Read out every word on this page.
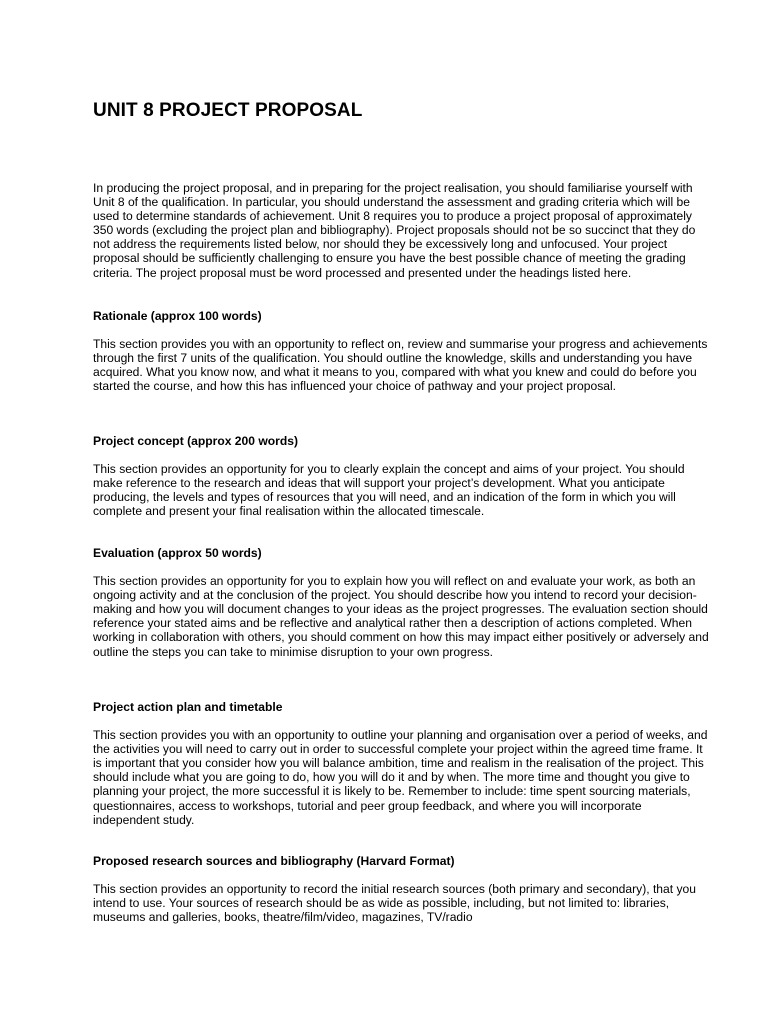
UNIT 8 PROJECT PROPOSAL

In producing the project proposal, and in preparing for the project realisation, you should familiarise yourself with Unit 8 of the qualification. In particular, you should understand the assessment and grading criteria which will be used to determine standards of achievement. Unit 8 requires you to produce a project proposal of approximately 350 words (excluding the project plan and bibliography). Project proposals should not be so succinct that they do not address the requirements listed below, nor should they be excessively long and unfocused. Your project proposal should be sufficiently challenging to ensure you have the best possible chance of meeting the grading criteria. The project proposal must be word processed and presented under the headings listed here.

Rationale (approx 100 words)

This section provides you with an opportunity to reflect on, review and summarise your progress and achievements through the first 7 units of the qualification. You should outline the knowledge, skills and understanding you have acquired. What you know now, and what it means to you, compared with what you knew and could do before you started the course, and how this has influenced your choice of pathway and your project proposal.

Project concept (approx 200 words)

This section provides an opportunity for you to clearly explain the concept and aims of your project. You should make reference to the research and ideas that will support your project’s development. What you anticipate producing, the levels and types of resources that you will need, and an indication of the form in which you will complete and present your final realisation within the allocated timescale.

Evaluation (approx 50 words)

This section provides an opportunity for you to explain how you will reflect on and evaluate your work, as both an ongoing activity and at the conclusion of the project. You should describe how you intend to record your decision-making and how you will document changes to your ideas as the project progresses. The evaluation section should reference your stated aims and be reflective and analytical rather then a description of actions completed. When working in collaboration with others, you should comment on how this may impact either positively or adversely and outline the steps you can take to minimise disruption to your own progress.

Project action plan and timetable

This section provides you with an opportunity to outline your planning and organisation over a period of weeks, and the activities you will need to carry out in order to successful complete your project within the agreed time frame. It is important that you consider how you will balance ambition, time and realism in the realisation of the project. This should include what you are going to do, how you will do it and by when. The more time and thought you give to planning your project, the more successful it is likely to be. Remember to include: time spent sourcing materials, questionnaires, access to workshops, tutorial and peer group feedback, and where you will incorporate independent study.

Proposed research sources and bibliography (Harvard Format)

This section provides an opportunity to record the initial research sources (both primary and secondary), that you intend to use. Your sources of research should be as wide as possible, including, but not limited to: libraries, museums and galleries, books, theatre/film/video, magazines, TV/radio
